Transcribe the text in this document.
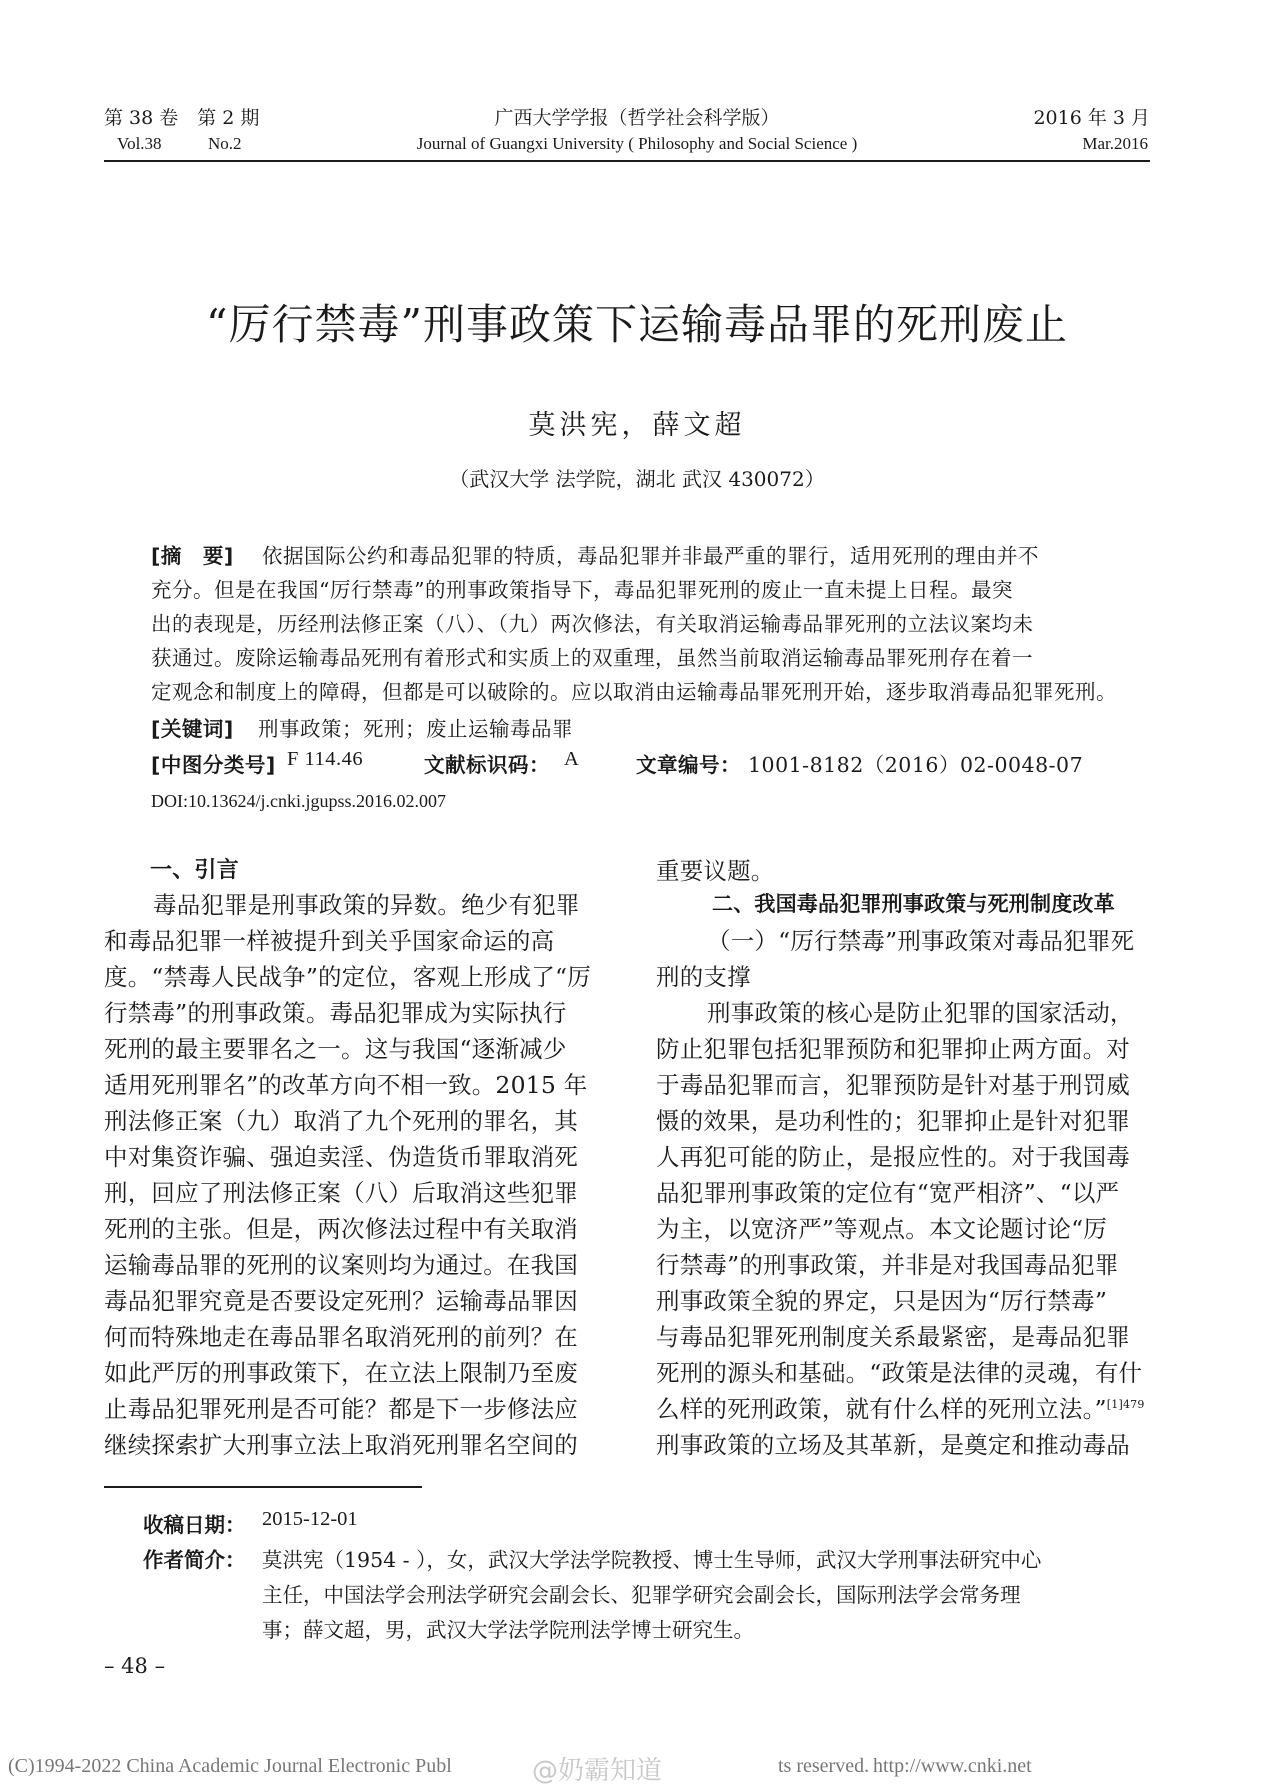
第 38 卷　第 2 期	广西大学学报（哲学社会科学版）	2016 年 3 月
Vol.38	No.2	Journal of Guangxi University ( Philosophy and Social Science )	Mar.2016
“厉行禁毒”刑事政策下运输毒品罪的死刑废止
莫洪宪，薛文超
（武汉大学 法学院，湖北 武汉 430072）
[摘　要] 依据国际公约和毒品犯罪的特质，毒品犯罪并非最严重的罪行，适用死刑的理由并不
充分。但是在我国“厉行禁毒”的刑事政策指导下，毒品犯罪死刑的废止一直未提上日程。最突
出的表现是，历经刑法修正案（八）、（九）两次修法，有关取消运输毒品罪死刑的立法议案均未
获通过。废除运输毒品死刑有着形式和实质上的双重理，虽然当前取消运输毒品罪死刑存在着一
定观念和制度上的障碍，但都是可以破除的。应以取消由运输毒品罪死刑开始，逐步取消毒品犯罪死刑。
[关键词] 刑事政策；死刑；废止运输毒品罪
[中图分类号] F 114.46	文献标识码： A	文章编号： 1001-8182（2016）02-0048-07
DOI:10.13624/j.cnki.jgupss.2016.02.007
一、引言
毒品犯罪是刑事政策的异数。绝少有犯罪
和毒品犯罪一样被提升到关乎国家命运的高
度。“禁毒人民战争”的定位，客观上形成了“厉
行禁毒”的刑事政策。毒品犯罪成为实际执行
死刑的最主要罪名之一。这与我国“逐渐减少
适用死刑罪名”的改革方向不相一致。2015 年
刑法修正案（九）取消了九个死刑的罪名，其
中对集资诈骗、强迫卖淫、伪造货币罪取消死
刑，回应了刑法修正案（八）后取消这些犯罪
死刑的主张。但是，两次修法过程中有关取消
运输毒品罪的死刑的议案则均为通过。在我国
毒品犯罪究竟是否要设定死刑？运输毒品罪因
何而特殊地走在毒品罪名取消死刑的前列？在
如此严厉的刑事政策下，在立法上限制乃至废
止毒品犯罪死刑是否可能？都是下一步修法应
继续探索扩大刑事立法上取消死刑罪名空间的
重要议题。
二、我国毒品犯罪刑事政策与死刑制度改革
（一）“厉行禁毒”刑事政策对毒品犯罪死
刑的支撑
刑事政策的核心是防止犯罪的国家活动，
防止犯罪包括犯罪预防和犯罪抑止两方面。对
于毒品犯罪而言，犯罪预防是针对基于刑罚威
慑的效果，是功利性的；犯罪抑止是针对犯罪
人再犯可能的防止，是报应性的。对于我国毒
品犯罪刑事政策的定位有“宽严相济”、“以严
为主，以宽济严”等观点。本文论题讨论“厉
行禁毒”的刑事政策，并非是对我国毒品犯罪
刑事政策全貌的界定，只是因为“厉行禁毒”
与毒品犯罪死刑制度关系最紧密，是毒品犯罪
死刑的源头和基础。“政策是法律的灵魂，有什
么样的死刑政策，就有什么样的死刑立法。”$^{[1]479}$
刑事政策的立场及其革新，是奠定和推动毒品
收稿日期： 2015-12-01
作者简介： 莫洪宪（1954 - ），女，武汉大学法学院教授、博士生导师，武汉大学刑事法研究中心
主任，中国法学会刑法学研究会副会长、犯罪学研究会副会长，国际刑法学会常务理
事；薛文超，男，武汉大学法学院刑法学博士研究生。
– 48 –
(C)1994-2022 China Academic Journal Electronic Publ	@奶霸知道	ts reserved. http://www.cnki.net
